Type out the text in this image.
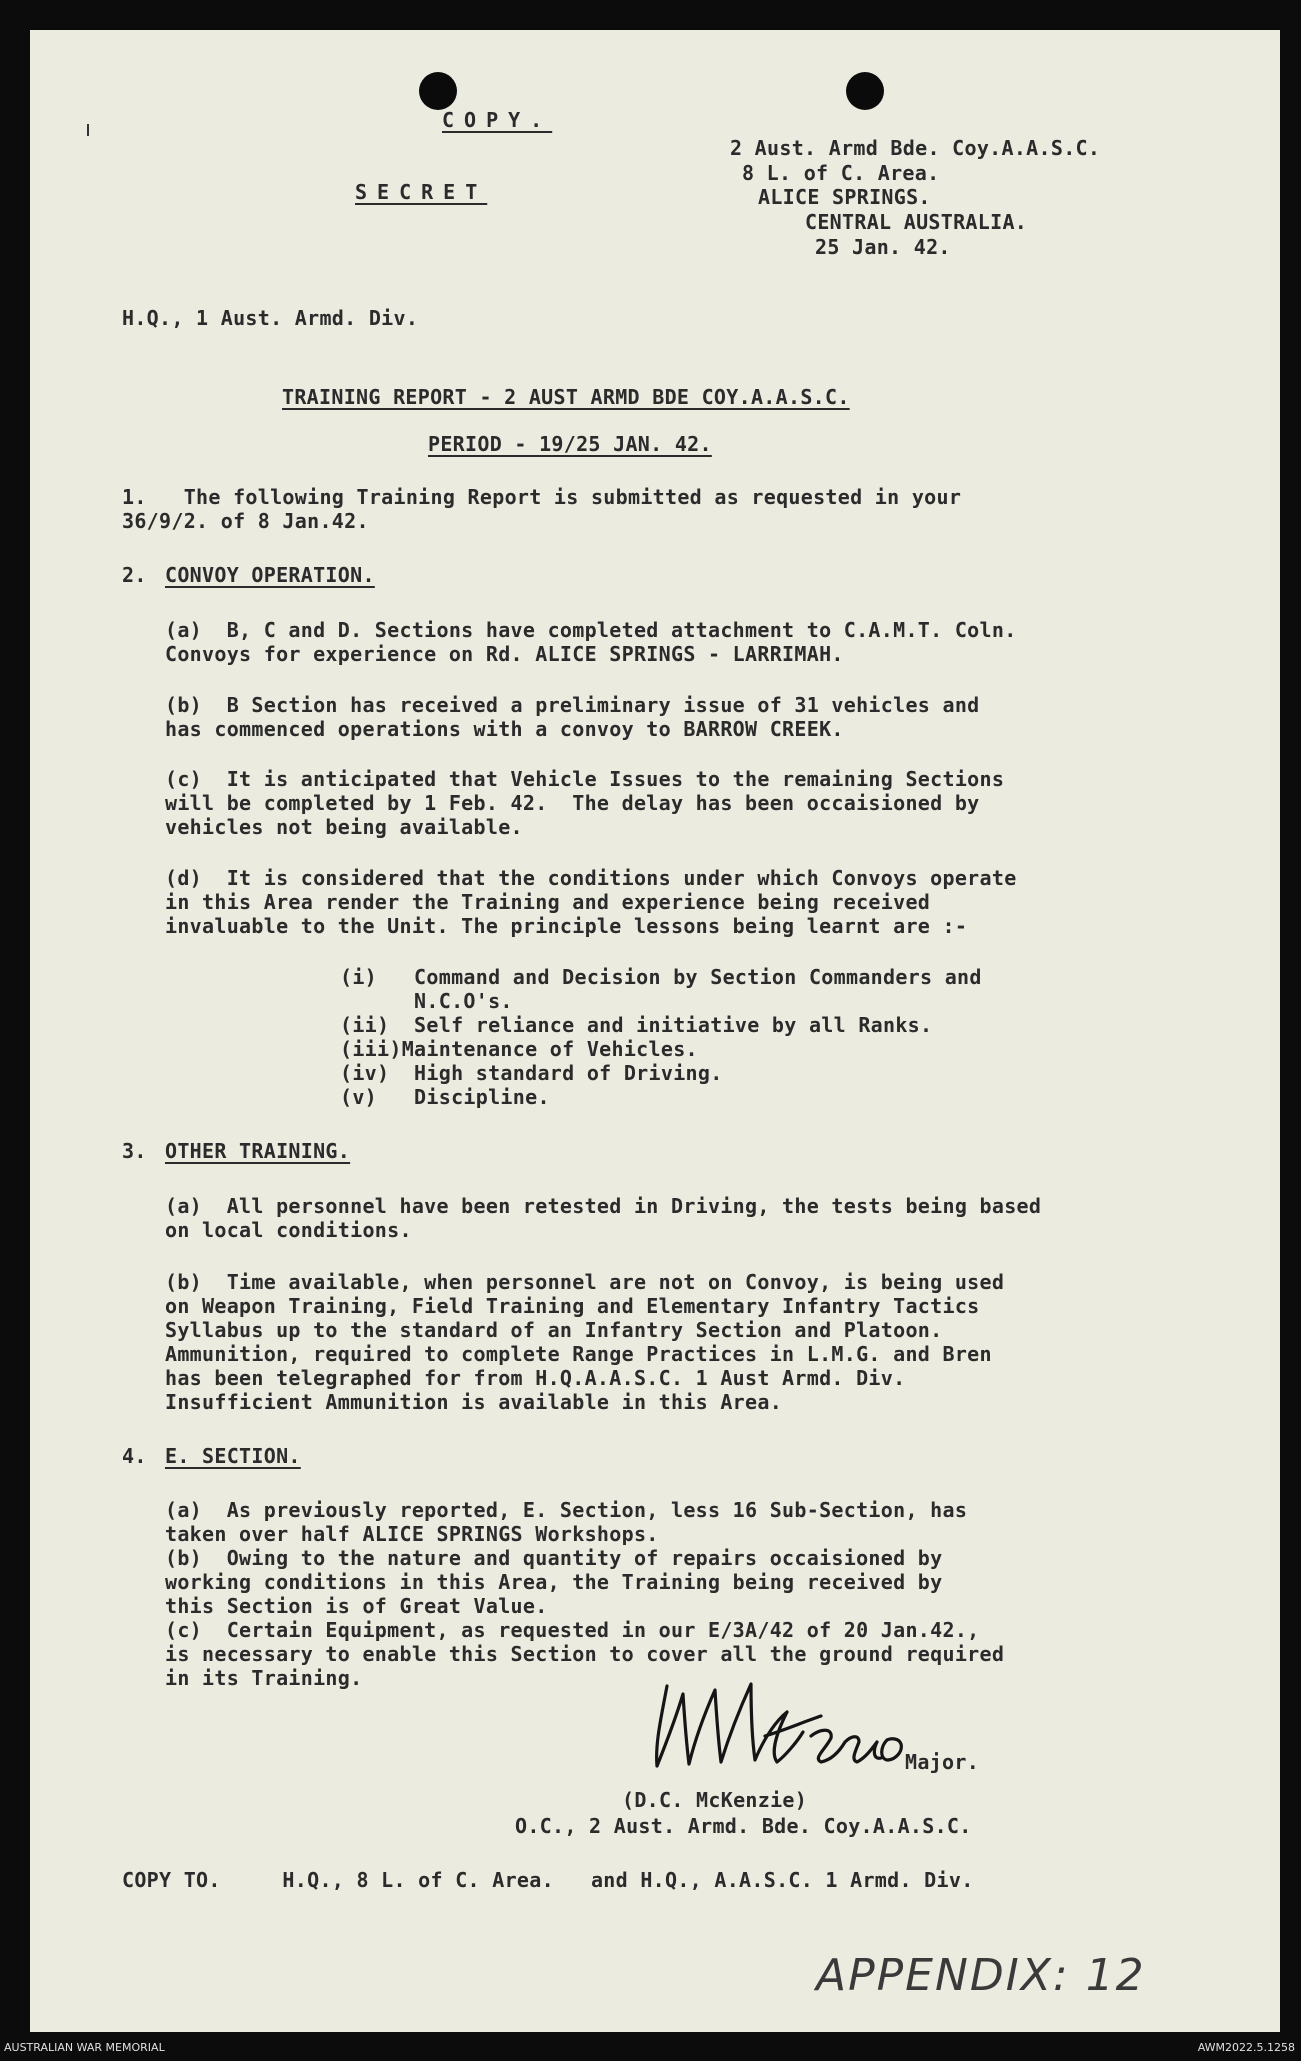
COPY.
SECRET
2 Aust. Armd Bde. Coy.A.A.S.C.
8 L. of C. Area.
ALICE SPRINGS.
CENTRAL AUSTRALIA.
25 Jan. 42.
H.Q., 1 Aust. Armd. Div.
TRAINING REPORT - 2 AUST ARMD BDE COY.A.A.S.C.
PERIOD - 19/25 JAN. 42.
1.   The following Training Report is submitted as requested in your
36/9/2. of 8 Jan.42.
2. CONVOY OPERATION.
(a)  B, C and D. Sections have completed attachment to C.A.M.T. Coln.
Convoys for experience on Rd. ALICE SPRINGS - LARRIMAH.
(b)  B Section has received a preliminary issue of 31 vehicles and
has commenced operations with a convoy to BARROW CREEK.
(c)  It is anticipated that Vehicle Issues to the remaining Sections
will be completed by 1 Feb. 42.  The delay has been occaisioned by
vehicles not being available.
(d)  It is considered that the conditions under which Convoys operate
in this Area render the Training and experience being received
invaluable to the Unit. The principle lessons being learnt are :-
(i)   Command and Decision by Section Commanders and
N.C.O's.
(ii)  Self reliance and initiative by all Ranks.
(iii)Maintenance of Vehicles.
(iv)  High standard of Driving.
(v)   Discipline.
3. OTHER TRAINING.
(a)  All personnel have been retested in Driving, the tests being based
on local conditions.
(b)  Time available, when personnel are not on Convoy, is being used
on Weapon Training, Field Training and Elementary Infantry Tactics
Syllabus up to the standard of an Infantry Section and Platoon.
Ammunition, required to complete Range Practices in L.M.G. and Bren
has been telegraphed for from H.Q.A.A.S.C. 1 Aust Armd. Div.
Insufficient Ammunition is available in this Area.
4. E. SECTION.
(a)  As previously reported, E. Section, less 16 Sub-Section, has
taken over half ALICE SPRINGS Workshops.
(b)  Owing to the nature and quantity of repairs occaisioned by
working conditions in this Area, the Training being received by
this Section is of Great Value.
(c)  Certain Equipment, as requested in our E/3A/42 of 20 Jan.42.,
is necessary to enable this Section to cover all the ground required
in its Training.
Major.
(D.C. McKenzie)
O.C., 2 Aust. Armd. Bde. Coy.A.A.S.C.
COPY TO.     H.Q., 8 L. of C. Area.   and H.Q., A.A.S.C. 1 Armd. Div.
APPENDIX: 12
AUSTRALIAN WAR MEMORIAL	AWM2022.5.1258
